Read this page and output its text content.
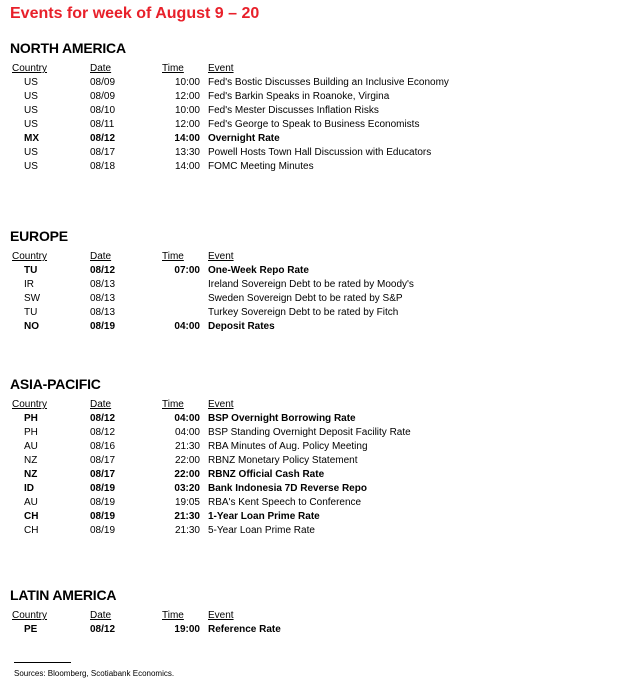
Events for week of August 9 – 20
NORTH AMERICA
Country	Date	Time	Event
US	08/09	10:00	Fed's Bostic Discusses Building an Inclusive Economy
US	08/09	12:00	Fed's Barkin Speaks in Roanoke, Virgina
US	08/10	10:00	Fed's Mester Discusses Inflation Risks
US	08/11	12:00	Fed's George to Speak to Business Economists
MX	08/12	14:00	Overnight Rate
US	08/17	13:30	Powell Hosts Town Hall Discussion with Educators
US	08/18	14:00	FOMC Meeting Minutes
EUROPE
Country	Date	Time	Event
TU	08/12	07:00	One-Week Repo Rate
IR	08/13		Ireland Sovereign Debt to be rated by Moody's
SW	08/13		Sweden Sovereign Debt to be rated by S&P
TU	08/13		Turkey Sovereign Debt to be rated by Fitch
NO	08/19	04:00	Deposit Rates
ASIA-PACIFIC
Country	Date	Time	Event
PH	08/12	04:00	BSP Overnight Borrowing Rate
PH	08/12	04:00	BSP Standing Overnight Deposit Facility Rate
AU	08/16	21:30	RBA Minutes of Aug. Policy Meeting
NZ	08/17	22:00	RBNZ Monetary Policy Statement
NZ	08/17	22:00	RBNZ Official Cash Rate
ID	08/19	03:20	Bank Indonesia 7D Reverse Repo
AU	08/19	19:05	RBA's Kent Speech to Conference
CH	08/19	21:30	1-Year Loan Prime Rate
CH	08/19	21:30	5-Year Loan Prime Rate
LATIN AMERICA
Country	Date	Time	Event
PE	08/12	19:00	Reference Rate
Sources: Bloomberg, Scotiabank Economics.
